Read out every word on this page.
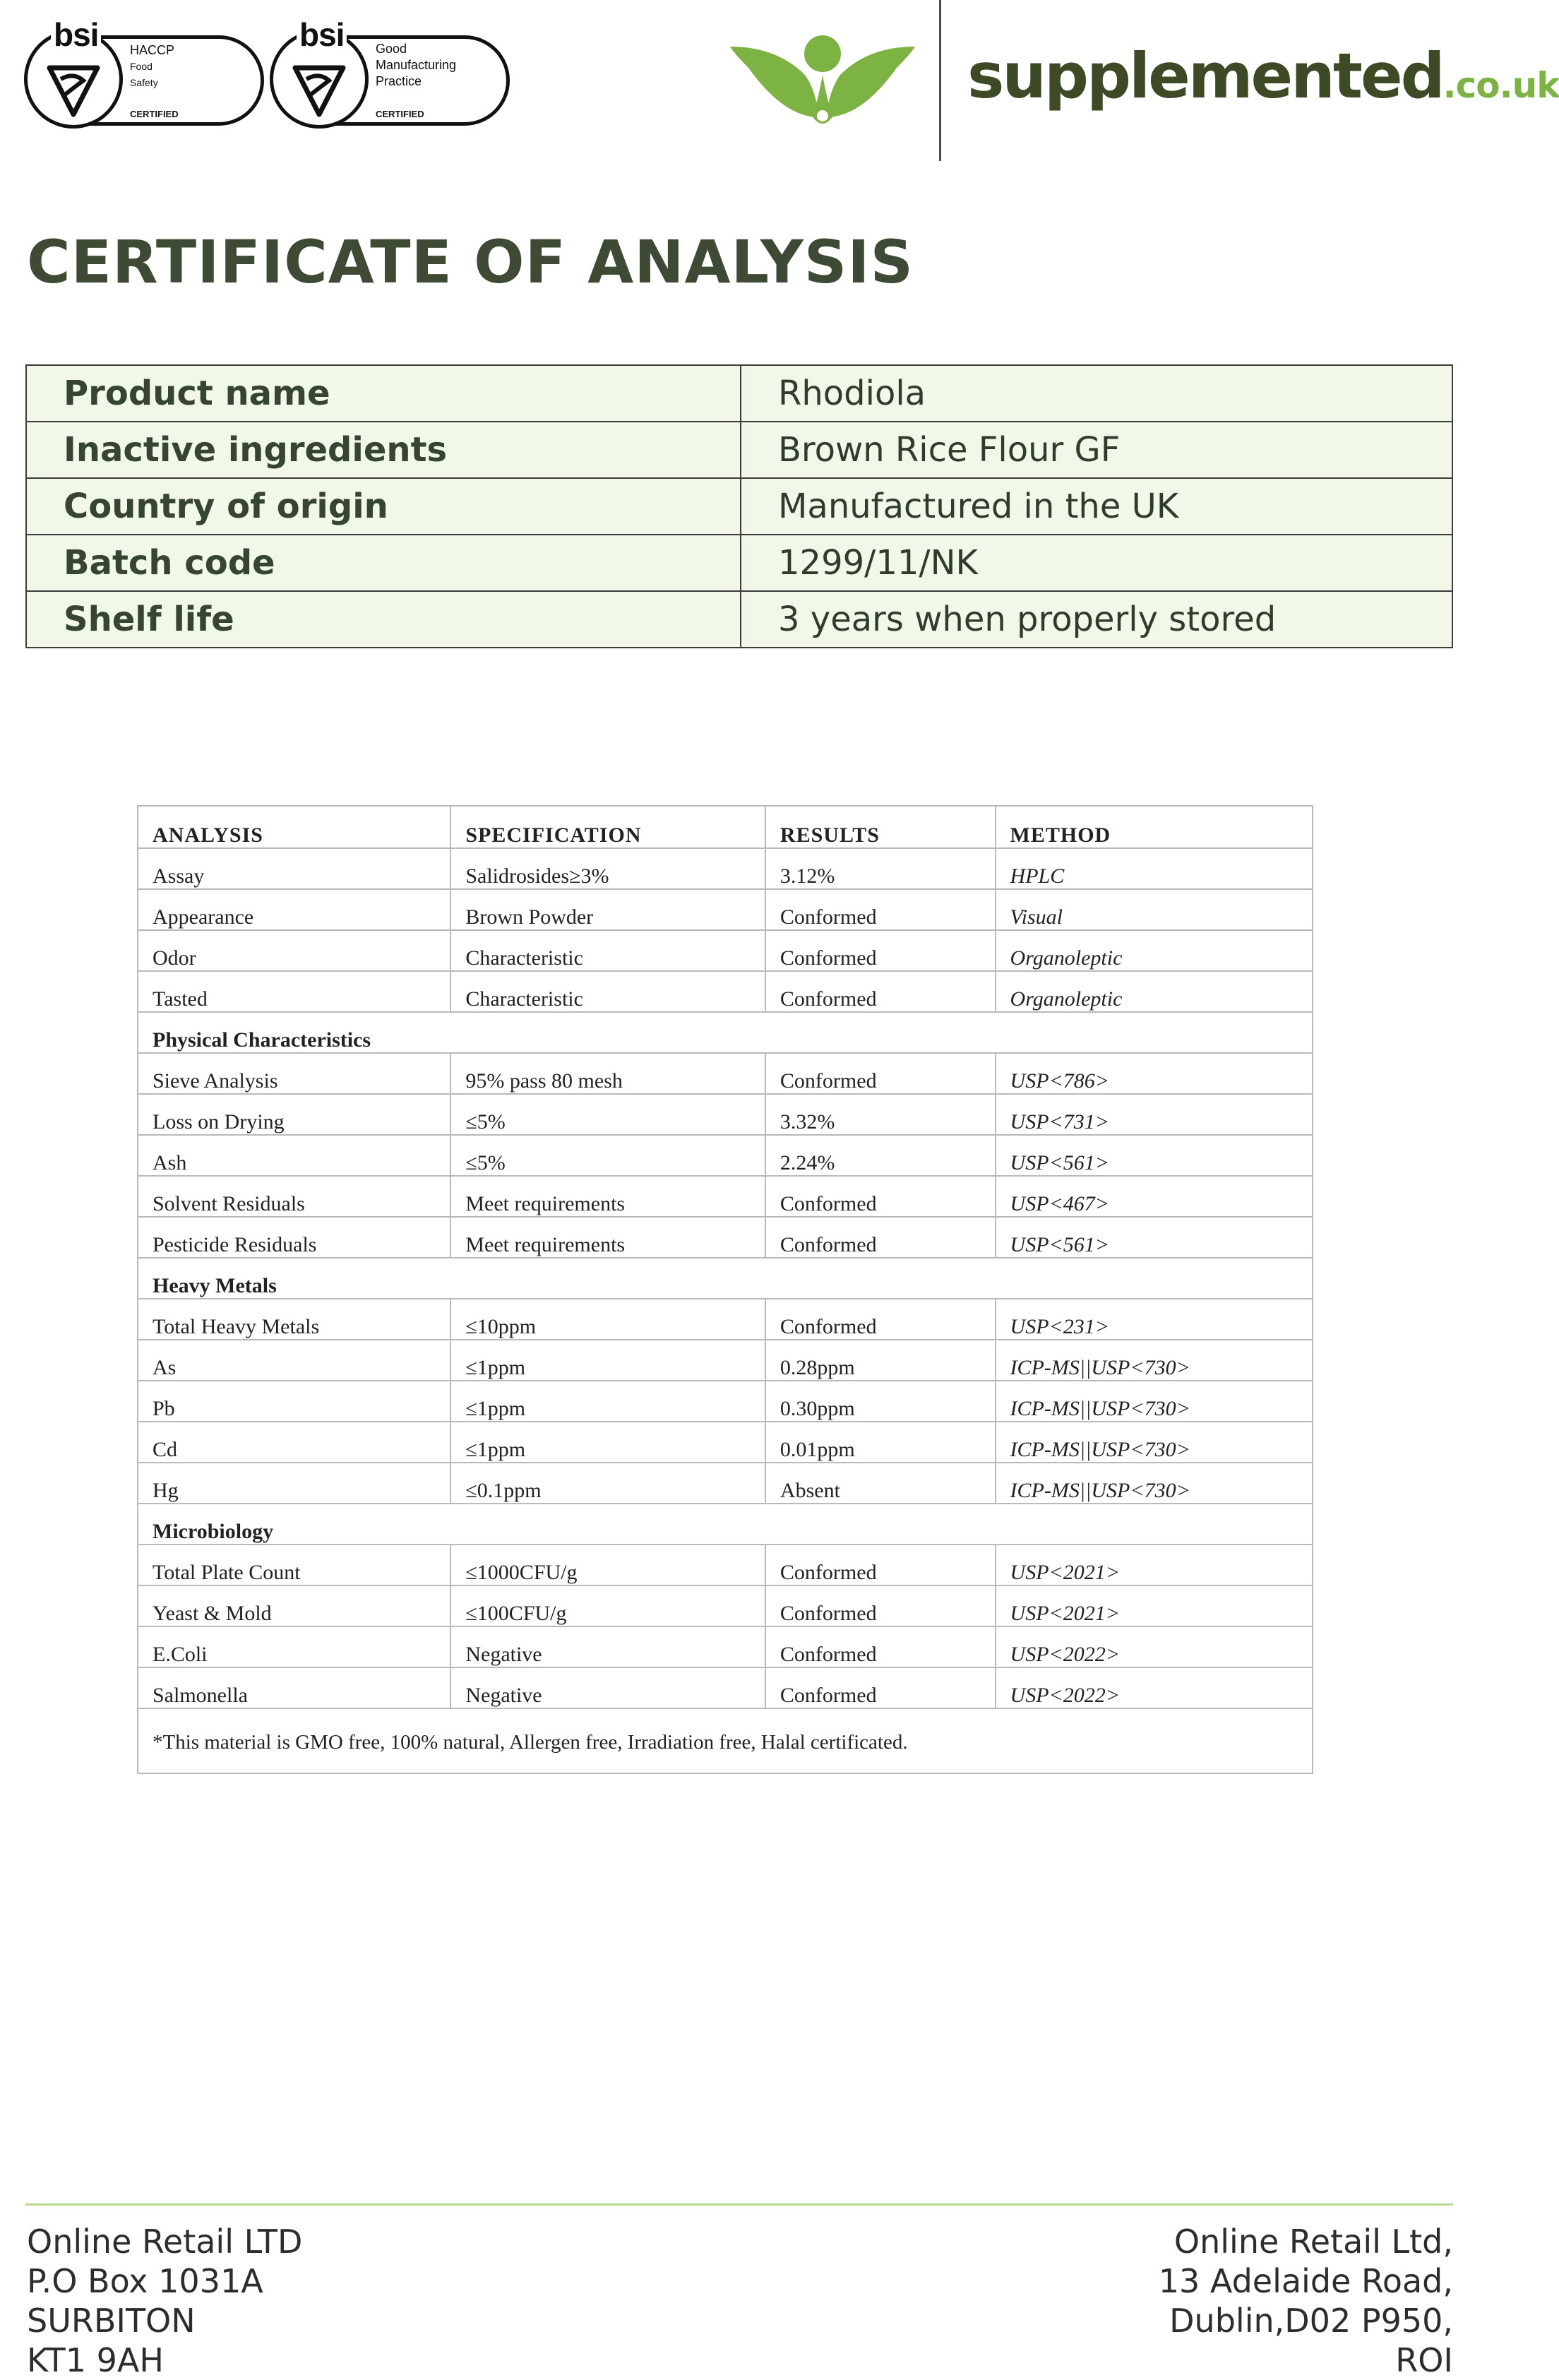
bsi HACCP
Food Safety
CERTIFIED
bsi Good
Manufacturing
Practice
CERTIFIED
supplemented.co.uk
CERTIFICATE OF ANALYSIS
Product name	Rhodiola
Inactive ingredients	Brown Rice Flour GF
Country of origin	Manufactured in the UK
Batch code	1299/11/NK
Shelf life	3 years when properly stored
ANALYSIS	SPECIFICATION	RESULTS	METHOD
Assay	Salidrosides≥3%	3.12%	HPLC
Appearance	Brown Powder	Conformed	Visual
Odor	Characteristic	Conformed	Organoleptic
Tasted	Characteristic	Conformed	Organoleptic
Physical Characteristics			
Sieve Analysis	95% pass 80 mesh	Conformed	USP<786>
Loss on Drying	≤5%	3.32%	USP<731>
Ash	≤5%	2.24%	USP<561>
Solvent Residuals	Meet requirements	Conformed	USP<467>
Pesticide Residuals	Meet requirements	Conformed	USP<561>
Heavy Metals			
Total Heavy Metals	≤10ppm	Conformed	USP<231>
As	≤1ppm	0.28ppm	ICP-MS||USP<730>
Pb	≤1ppm	0.30ppm	ICP-MS||USP<730>
Cd	≤1ppm	0.01ppm	ICP-MS||USP<730>
Hg	≤0.1ppm	Absent	ICP-MS||USP<730>
Microbiology			
Total Plate Count	≤1000CFU/g	Conformed	USP<2021>
Yeast & Mold	≤100CFU/g	Conformed	USP<2021>
E.Coli	Negative	Conformed	USP<2022>
Salmonella	Negative	Conformed	USP<2022>
*This material is GMO free, 100% natural, Allergen free, Irradiation free, Halal certificated.			
Online Retail LTD
P.O Box 1031A
SURBITON
KT1 9AH
Online Retail Ltd,
13 Adelaide Road,
Dublin,D02 P950,
ROI
